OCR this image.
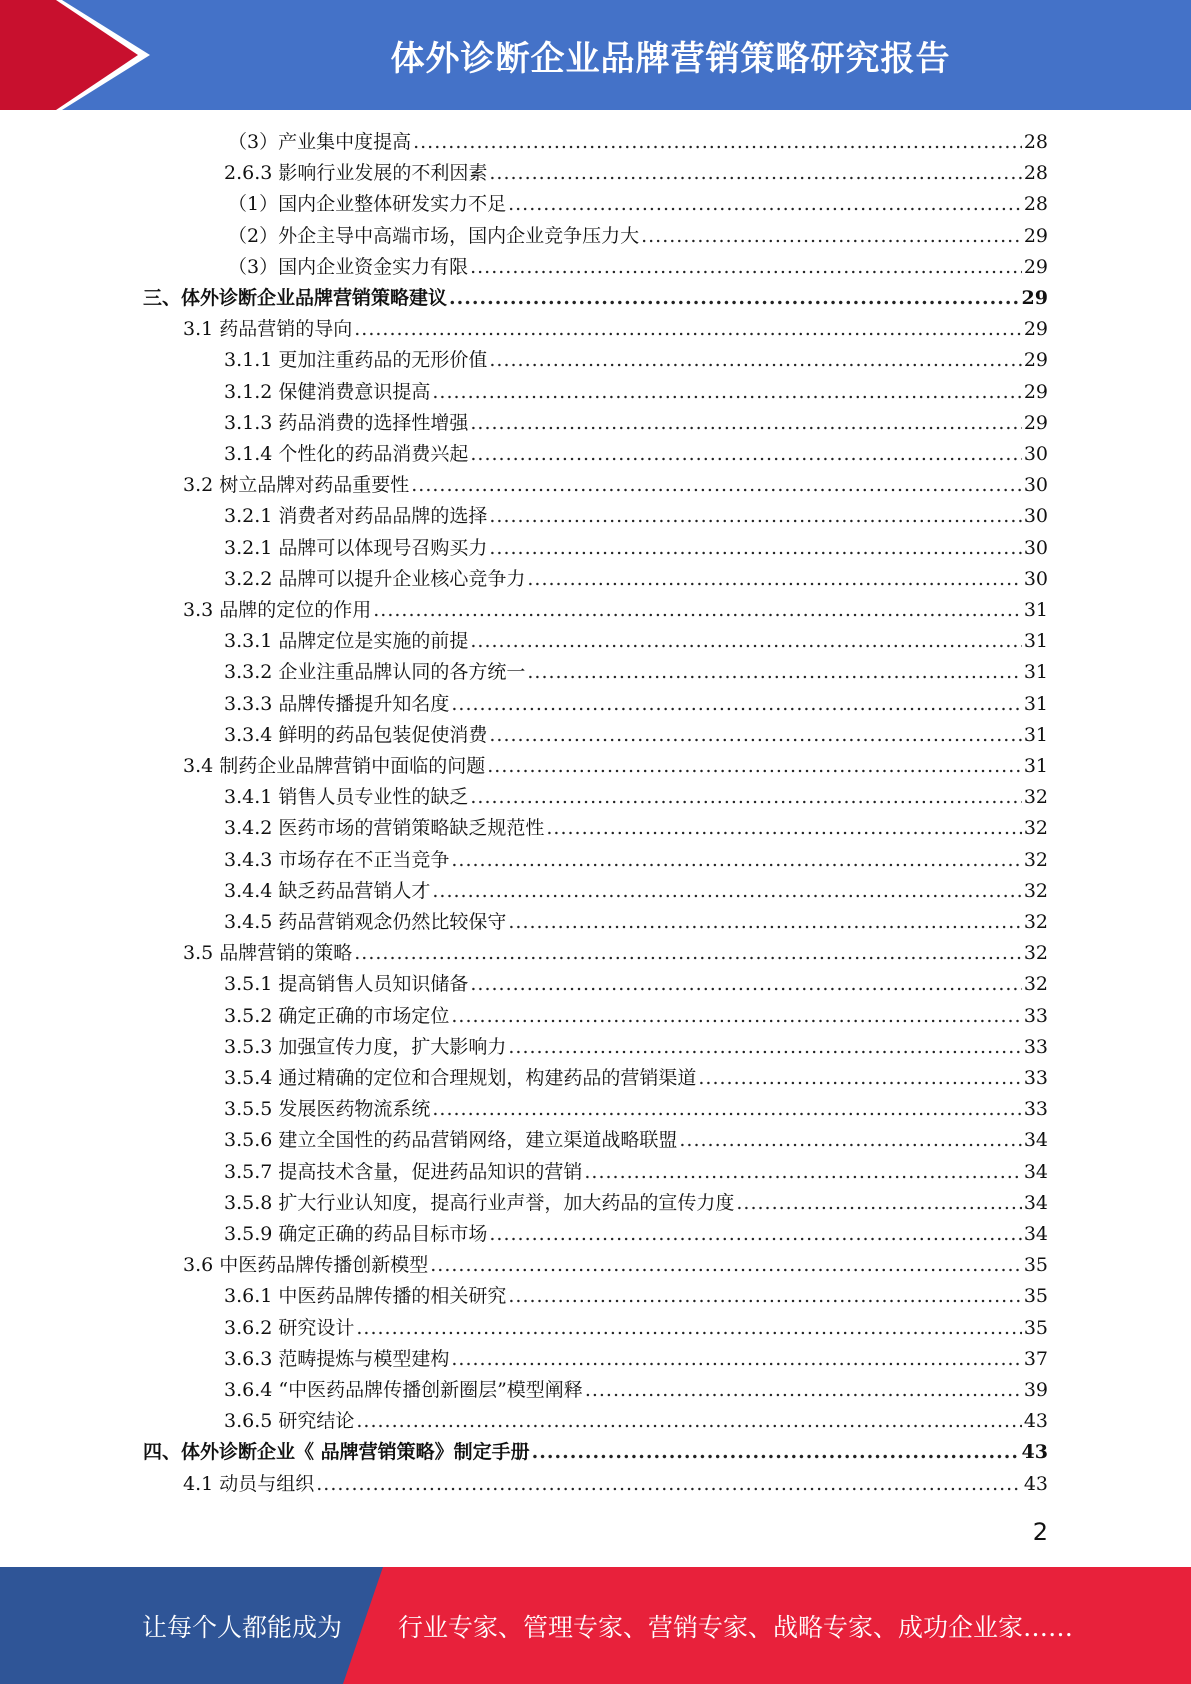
体外诊断企业品牌营销策略研究报告
（3）产业集中度提高 .....	28
2.6.3 影响行业发展的不利因素 .....	28
（1）国内企业整体研发实力不足 .....	28
（2）外企主导中高端市场，国内企业竞争压力大 .....	29
（3）国内企业资金实力有限 .....	29
三、体外诊断企业品牌营销策略建议 .....	29
3.1 药品营销的导向 .....	29
3.1.1 更加注重药品的无形价值 .....	29
3.1.2 保健消费意识提高 .....	29
3.1.3 药品消费的选择性增强 .....	29
3.1.4 个性化的药品消费兴起 .....	30
3.2 树立品牌对药品重要性 .....	30
3.2.1 消费者对药品品牌的选择 .....	30
3.2.1 品牌可以体现号召购买力 .....	30
3.2.2 品牌可以提升企业核心竞争力 .....	30
3.3 品牌的定位的作用 .....	31
3.3.1 品牌定位是实施的前提 .....	31
3.3.2 企业注重品牌认同的各方统一 .....	31
3.3.3 品牌传播提升知名度 .....	31
3.3.4 鲜明的药品包装促使消费 .....	31
3.4 制药企业品牌营销中面临的问题 .....	31
3.4.1 销售人员专业性的缺乏 .....	32
3.4.2 医药市场的营销策略缺乏规范性 .....	32
3.4.3 市场存在不正当竞争 .....	32
3.4.4 缺乏药品营销人才 .....	32
3.4.5 药品营销观念仍然比较保守 .....	32
3.5 品牌营销的策略 .....	32
3.5.1 提高销售人员知识储备 .....	32
3.5.2 确定正确的市场定位 .....	33
3.5.3 加强宣传力度，扩大影响力 .....	33
3.5.4 通过精确的定位和合理规划，构建药品的营销渠道 .....	33
3.5.5 发展医药物流系统 .....	33
3.5.6 建立全国性的药品营销网络，建立渠道战略联盟 .....	34
3.5.7 提高技术含量，促进药品知识的营销 .....	34
3.5.8 扩大行业认知度，提高行业声誉，加大药品的宣传力度 .....	34
3.5.9 确定正确的药品目标市场 .....	34
3.6 中医药品牌传播创新模型 .....	35
3.6.1 中医药品牌传播的相关研究 .....	35
3.6.2 研究设计 .....	35
3.6.3 范畴提炼与模型建构 .....	37
3.6.4 “中医药品牌传播创新圈层”模型阐释 .....	39
3.6.5 研究结论 .....	43
四、体外诊断企业《 品牌营销策略》制定手册 .....	43
4.1 动员与组织 .....	43
2
让每个人都能成为 行业专家、管理专家、营销专家、战略专家、成功企业家……
